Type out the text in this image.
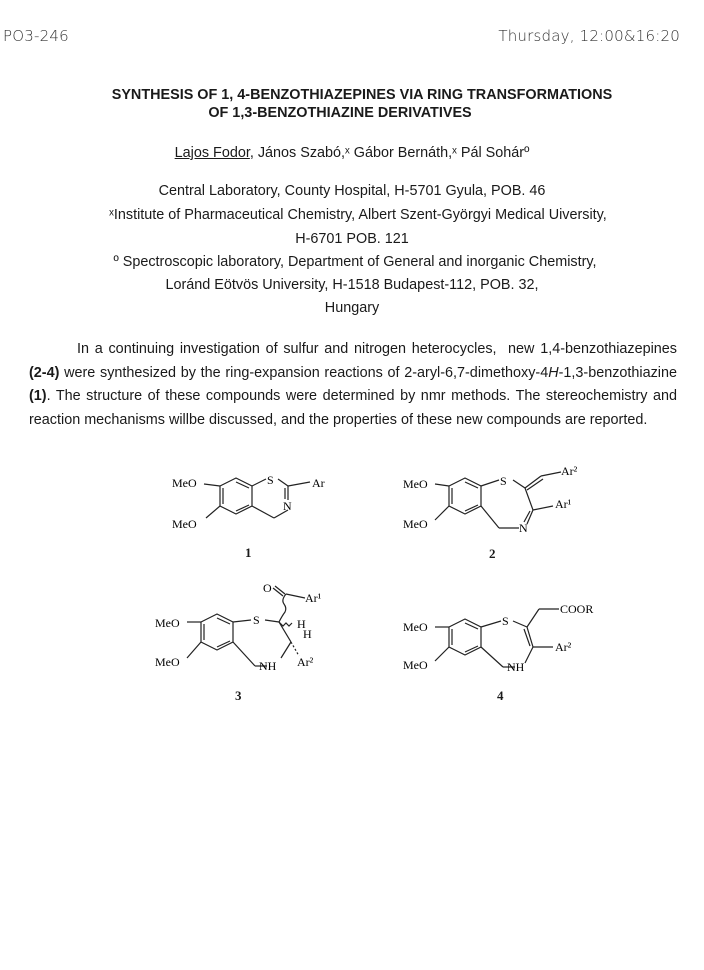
PO3-246	Thursday, 12:00&16:20
SYNTHESIS OF 1, 4-BENZOTHIAZEPINES VIA RING TRANSFORMATIONS
OF 1,3-BENZOTHIAZINE DERIVATIVES
Lajos Fodor, János Szabó,ˣ Gábor Bernáth,ˣ Pál Sohárº
Central Laboratory, County Hospital, H-5701 Gyula, POB. 46
ˣInstitute of Pharmaceutical Chemistry, Albert Szent-Györgyi Medical Uiversity,
H-6701 POB. 121
º Spectroscopic laboratory, Department of General and inorganic Chemistry,
Loránd Eötvös University, H-1518 Budapest-112, POB. 32,
Hungary

In a continuing investigation of sulfur and nitrogen heterocycles, new 1,4-benzothiazepines (2-4) were synthesized by the ring-expansion reactions of 2-aryl-6,7-dimethoxy-4H-1,3-benzothiazine (1). The structure of these compounds were determined by nmr methods. The stereochemistry and reaction mechanisms willbe discussed, and the properties of these new compounds are reported.

MeO
MeO
S
N
Ar
1
MeO
MeO
S
N
Ar²
Ar¹
2
MeO
MeO
S
O
Ar¹
H
H
NH Ar²
3
MeO
MeO
S
COOR
Ar²
NH
4
